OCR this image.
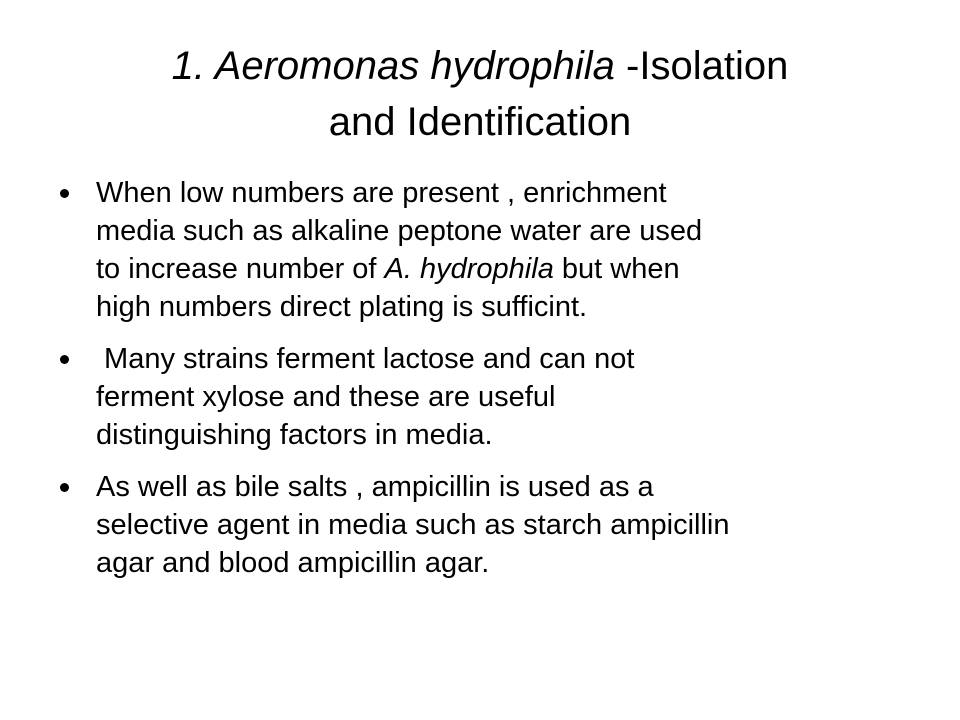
1. Aeromonas hydrophila -Isolation
and Identification
When low numbers are present , enrichment
media such as alkaline peptone water are used
to increase number of A. hydrophila but when
high numbers direct plating is sufficint.
Many strains ferment lactose and can not
ferment xylose and these are useful
distinguishing factors in media.
As well as bile salts , ampicillin is used as a
selective agent in media such as starch ampicillin
agar and blood ampicillin agar.
